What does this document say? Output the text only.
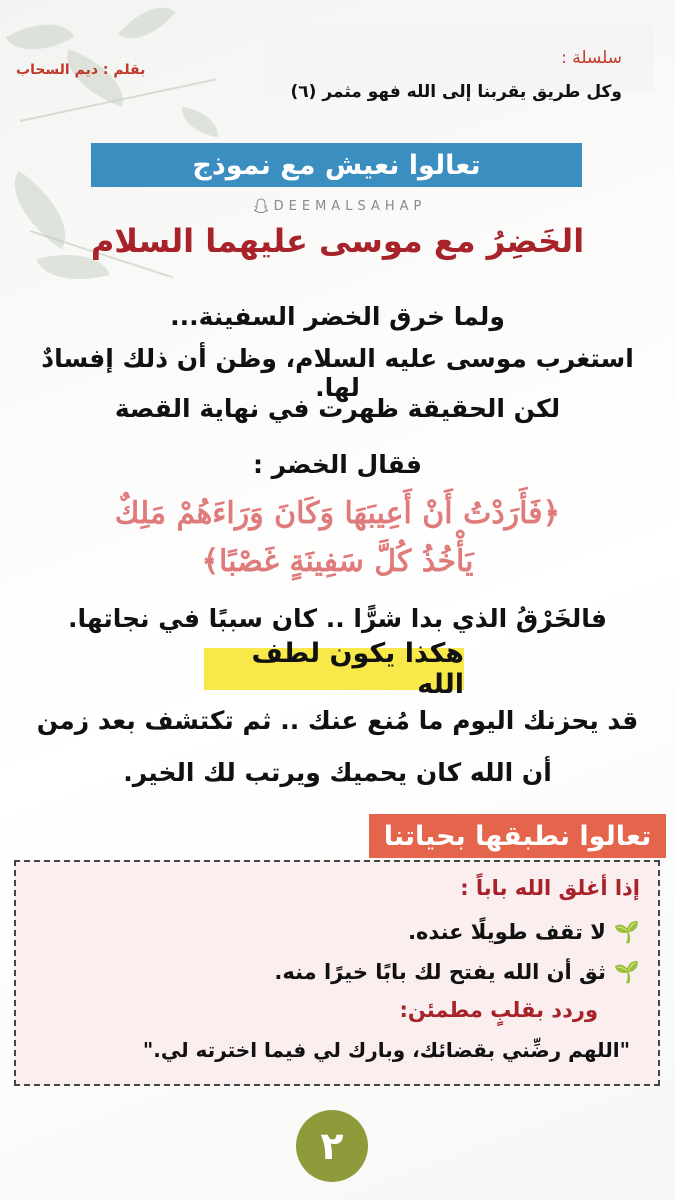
سلسلة :
وكل طريق يقربنا إلى الله فهو مثمر (٦)
بقلم : ديم السحاب
تعالوا نعيش مع نموذج
DEEMALSAHAP
الخَضِرُ مع موسى عليهما السلام
ولما خرق الخضر السفينة...
استغرب موسى عليه السلام، وظن أن ذلك إفسادٌ لها.
لكن الحقيقة ظهرت في نهاية القصة
فقال الخضر :
﴿فَأَرَدْتُ أَنْ أَعِيبَهَا وَكَانَ وَرَاءَهُمْ مَلِكٌ
يَأْخُذُ كُلَّ سَفِينَةٍ غَصْبًا﴾
فالخَرْقُ الذي بدا شرًّا .. كان سببًا في نجاتها.
هكذا يكون لطف الله
قد يحزنك اليوم ما مُنع عنك .. ثم تكتشف بعد زمن
أن الله كان يحميك ويرتب لك الخير.
تعالوا نطبقها بحياتنا
إذا أغلق الله باباً :
🌱لا تقف طويلًا عنده.
🌱ثق أن الله يفتح لك بابًا خيرًا منه.
وردد بقلبٍ مطمئن:
"اللهم رضِّني بقضائك، وبارك لي فيما اخترته لي."
٢
